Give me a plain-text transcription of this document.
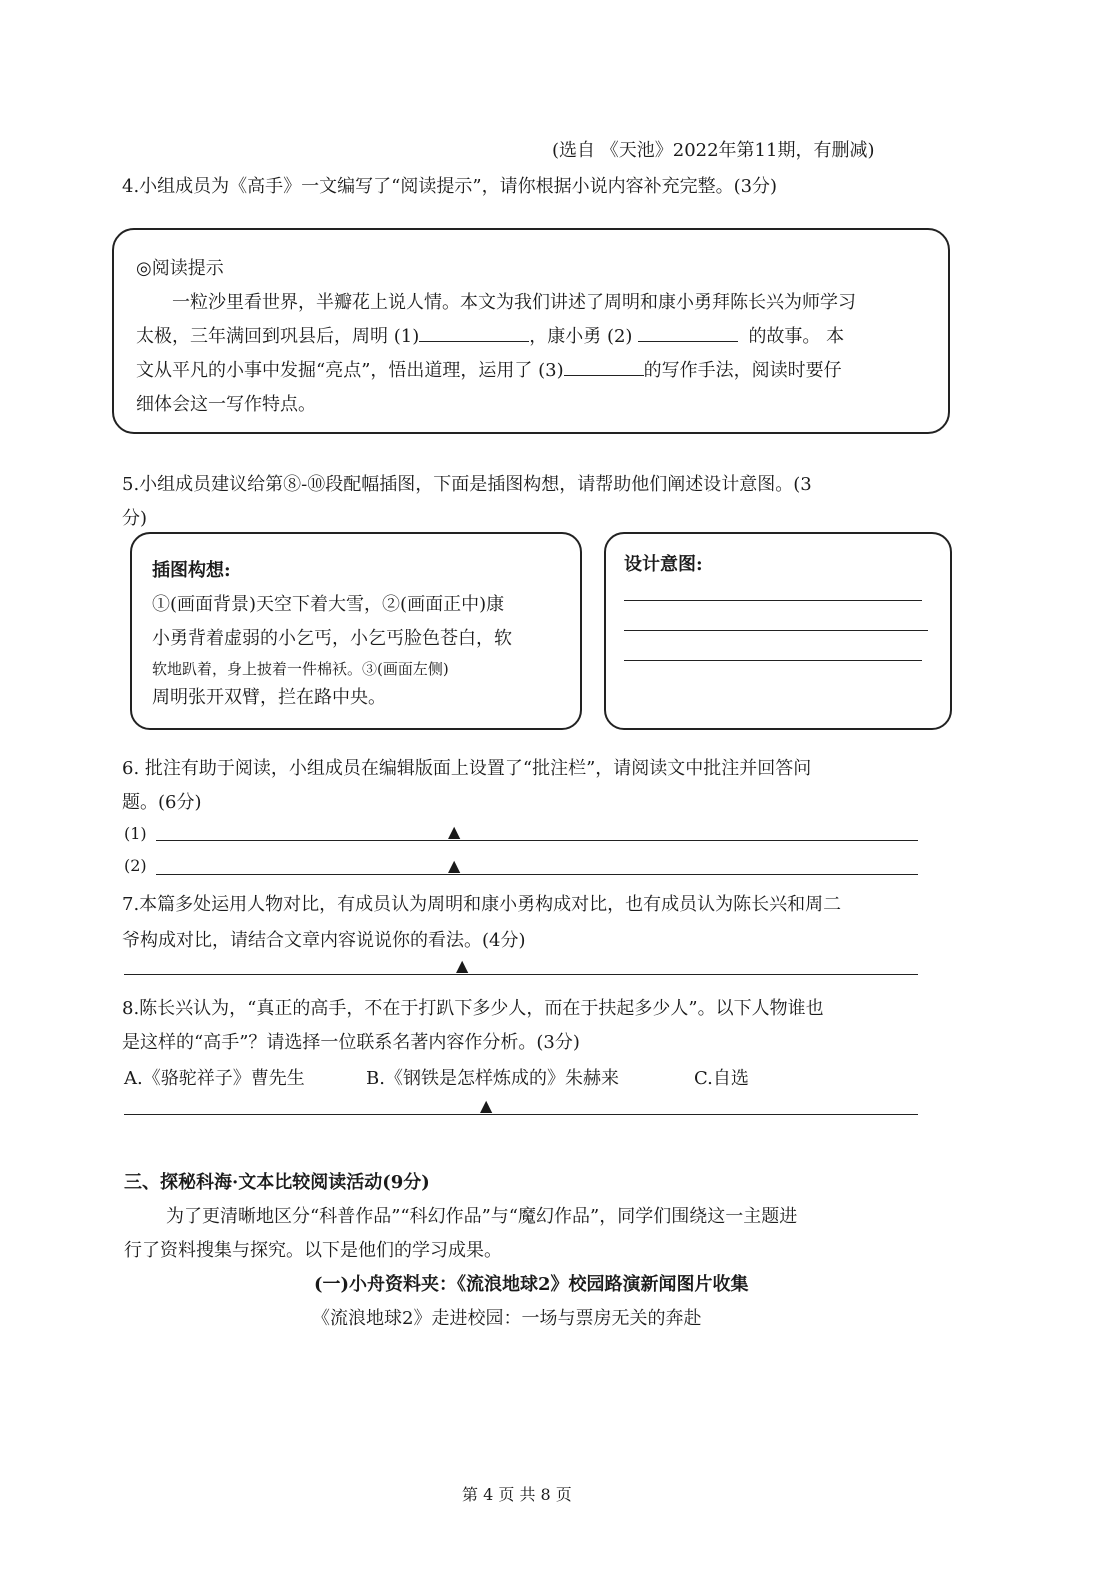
(选自 《天池》2022年第11期，有删减)
4.小组成员为《高手》一文编写了“阅读提示”，请你根据小说内容补充完整。(3分)
◎阅读提示
一粒沙里看世界，半瓣花上说人情。本文为我们讲述了周明和康小勇拜陈长兴为师学习
太极，三年满回到巩县后，周明 (1)	，康小勇 (2)	的故事。 本
文从平凡的小事中发掘“亮点”，悟出道理，运用了 (3)	的写作手法，阅读时要仔
细体会这一写作特点。
5.小组成员建议给第⑧-⑩段配幅插图，下面是插图构想，请帮助他们阐述设计意图。(3
分)
插图构想:
①(画面背景)天空下着大雪，②(画面正中)康
小勇背着虚弱的小乞丐，小乞丐脸色苍白，软
软地趴着，身上披着一件棉袄。③(画面左侧)
周明张开双臂，拦在路中央。
设计意图:
6. 批注有助于阅读，小组成员在编辑版面上设置了“批注栏”，请阅读文中批注并回答问
题。(6分)
(1)	▲
(2)	▲
7.本篇多处运用人物对比，有成员认为周明和康小勇构成对比，也有成员认为陈长兴和周二
爷构成对比，请结合文章内容说说你的看法。(4分)
▲
8.陈长兴认为，“真正的高手，不在于打趴下多少人，而在于扶起多少人”。以下人物谁也
是这样的“高手”？请选择一位联系名著内容作分析。(3分)
A.《骆驼祥子》曹先生	B.《钢铁是怎样炼成的》朱赫来	C.自选
▲
三、探秘科海·文本比较阅读活动(9分)
为了更清晰地区分“科普作品”“科幻作品”与“魔幻作品”，同学们围绕这一主题进
行了资料搜集与探究。以下是他们的学习成果。
(一)小舟资料夹：《流浪地球2》校园路演新闻图片收集
《流浪地球2》走进校园：一场与票房无关的奔赴
第 4 页 共 8 页
